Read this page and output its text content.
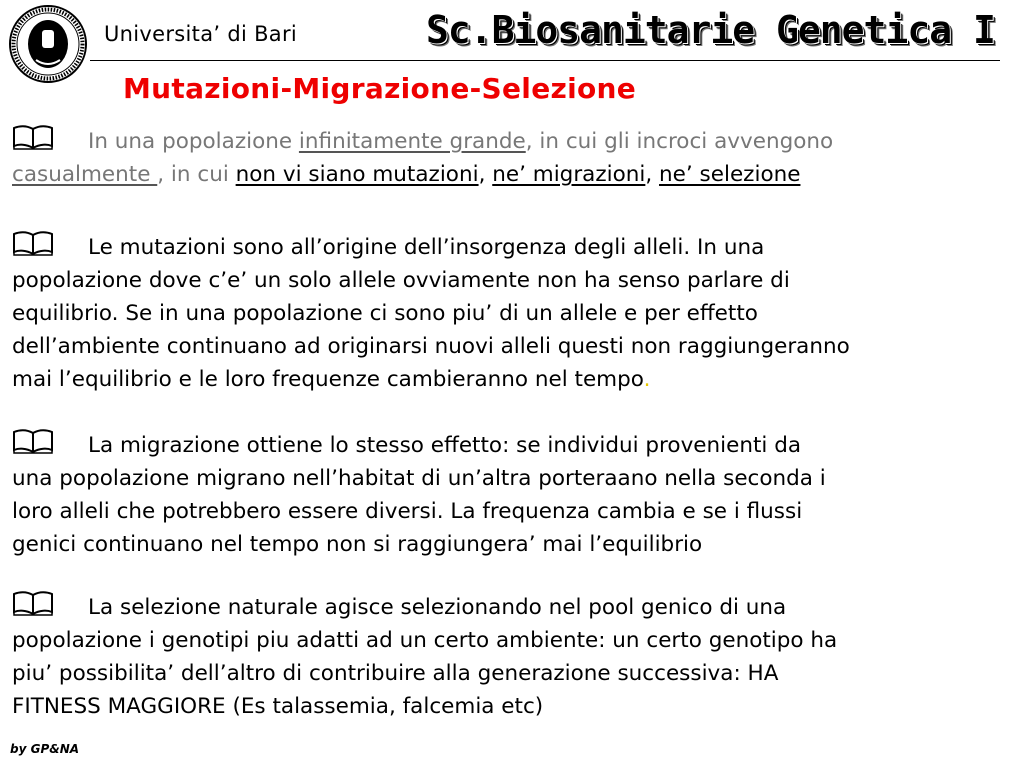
Universita’ di Bari	Sc.Biosanitarie Genetica I
Mutazioni-Migrazione-Selezione
In una popolazione infinitamente grande, in cui gli incroci avvengono
casualmente , in cui non vi siano mutazioni, ne’ migrazioni, ne’ selezione
Le mutazioni sono all’origine dell’insorgenza degli alleli. In una
popolazione dove c’e’ un solo allele ovviamente non ha senso parlare di
equilibrio. Se in una popolazione ci sono piu’ di un allele e per effetto
dell’ambiente continuano ad originarsi nuovi alleli questi non raggiungeranno
mai l’equilibrio e le loro frequenze cambieranno nel tempo.
La migrazione ottiene lo stesso effetto: se individui provenienti da
una popolazione migrano nell’habitat di un’altra porteraano nella seconda i
loro alleli che potrebbero essere diversi. La frequenza cambia e se i flussi
genici continuano nel tempo non si raggiungera’ mai l’equilibrio
La selezione naturale agisce selezionando nel pool genico di una
popolazione i genotipi piu adatti ad un certo ambiente: un certo genotipo ha
piu’ possibilita’ dell’altro di contribuire alla generazione successiva: HA
FITNESS MAGGIORE (Es talassemia, falcemia etc)
by GP&NA
